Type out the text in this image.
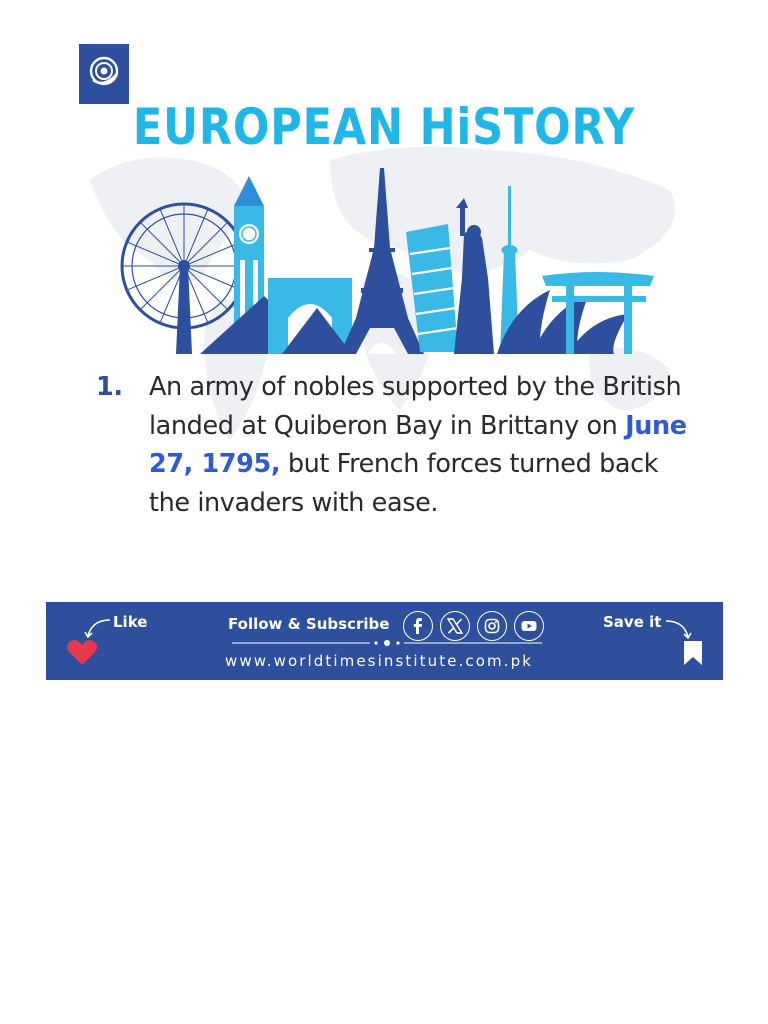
EUROPEAN HiSTORY
1. An army of nobles supported by the British landed at Quiberon Bay in Brittany on June 27, 1795, but French forces turned back the invaders with ease.
Like	Follow & Subscribe
www.worldtimesinstitute.com.pk
Save it
